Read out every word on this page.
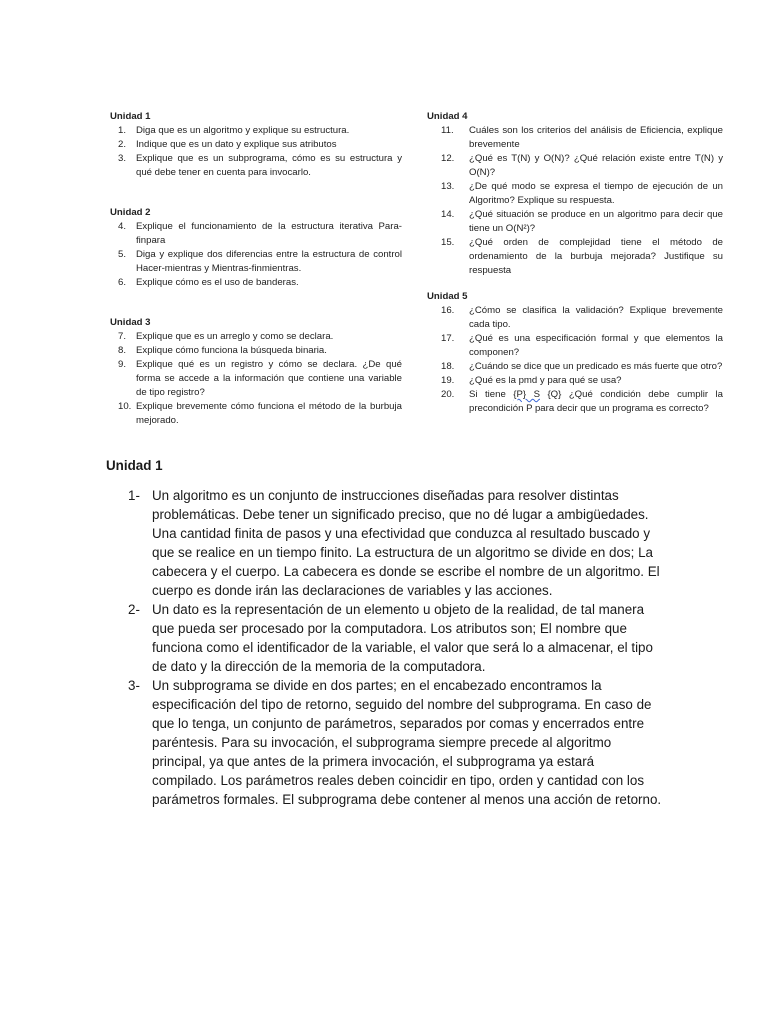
Unidad 1

1.	Diga que es un algoritmo y explique su estructura.
2.	Indique que es un dato y explique sus atributos
3.	Explique que es un subprograma, cómo es su estructura y qué debe tener en cuenta para invocarlo.

Unidad 2

4.	Explique el funcionamiento de la estructura iterativa Para-finpara
5.	Diga y explique dos diferencias entre la estructura de control Hacer-mientras y Mientras-finmientras.
6.	Explique cómo es el uso de banderas.

Unidad 3

7.	Explique que es un arreglo y como se declara.
8.	Explique cómo funciona la búsqueda binaria.
9.	Explique qué es un registro y cómo se declara. ¿De qué forma se accede a la información que contiene una variable de tipo registro?
10. Explique brevemente cómo funciona el método de la burbuja mejorado.

Unidad 4

11.	Cuáles son los criterios del análisis de Eficiencia, explique brevemente
12.	¿Qué es T(N) y O(N)? ¿Qué relación existe entre T(N) y O(N)?
13.	¿De qué modo se expresa el tiempo de ejecución de un Algoritmo? Explique su respuesta.
14.	¿Qué situación se produce en un algoritmo para decir que tiene un O(N²)?
15.	¿Qué orden de complejidad tiene el método de ordenamiento de la burbuja mejorada? Justifique su respuesta

Unidad 5

16.	¿Cómo se clasifica la validación? Explique brevemente cada tipo.
17.	¿Qué es una especificación formal y que elementos la componen?
18.	¿Cuándo se dice que un predicado es más fuerte que otro?
19.	¿Qué es la pmd y para qué se usa?
20.	Si tiene {P} S {Q} ¿Qué condición debe cumplir la precondición P para decir que un programa es correcto?
Unidad 1
1- Un algoritmo es un conjunto de instrucciones diseñadas para resolver distintas problemáticas. Debe tener un significado preciso, que no dé lugar a ambigüedades. Una cantidad finita de pasos y una efectividad que conduzca al resultado buscado y que se realice en un tiempo finito. La estructura de un algoritmo se divide en dos; La cabecera y el cuerpo. La cabecera es donde se escribe el nombre de un algoritmo. El cuerpo es donde irán las declaraciones de variables y las acciones.
2- Un dato es la representación de un elemento u objeto de la realidad, de tal manera que pueda ser procesado por la computadora. Los atributos son; El nombre que funciona como el identificador de la variable, el valor que será lo a almacenar, el tipo de dato y la dirección de la memoria de la computadora.
3- Un subprograma se divide en dos partes; en el encabezado encontramos la especificación del tipo de retorno, seguido del nombre del subprograma. En caso de que lo tenga, un conjunto de parámetros, separados por comas y encerrados entre paréntesis. Para su invocación, el subprograma siempre precede al algoritmo principal, ya que antes de la primera invocación, el subprograma ya estará compilado. Los parámetros reales deben coincidir en tipo, orden y cantidad con los parámetros formales. El subprograma debe contener al menos una acción de retorno.
